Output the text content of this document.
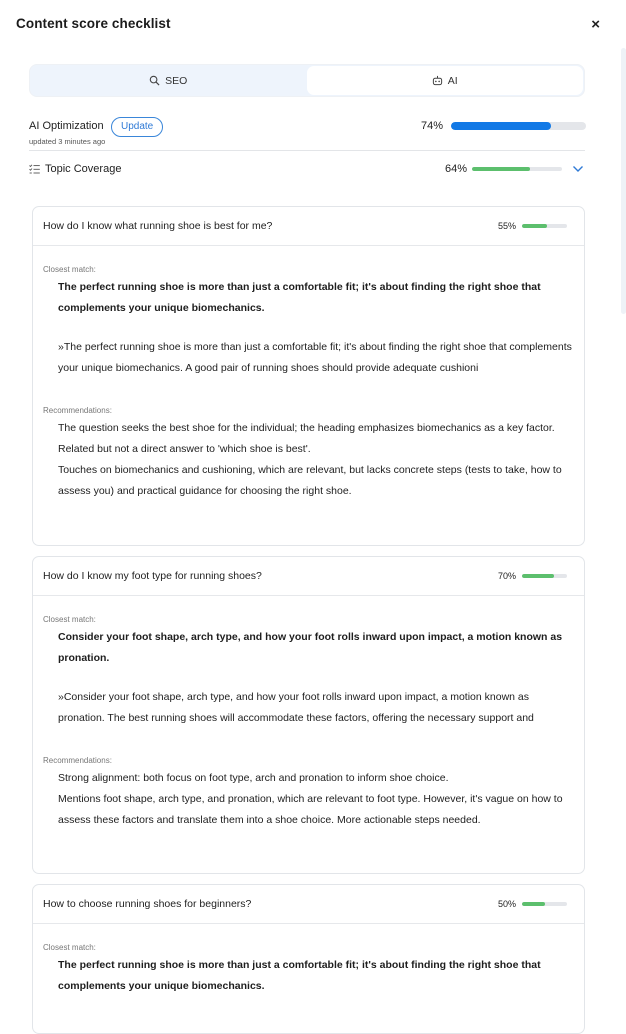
Content score checklist	×
SEO	AI
AI Optimization	Update
updated 3 minutes ago
74%
Topic Coverage	64%
How do I know what running shoe is best for me?	55%
Closest match:
The perfect running shoe is more than just a comfortable fit; it's about finding the right shoe that complements your unique biomechanics.
»The perfect running shoe is more than just a comfortable fit; it's about finding the right shoe that complements your unique biomechanics. A good pair of running shoes should provide adequate cushioni
Recommendations:
The question seeks the best shoe for the individual; the heading emphasizes biomechanics as a key factor. Related but not a direct answer to 'which shoe is best'.
Touches on biomechanics and cushioning, which are relevant, but lacks concrete steps (tests to take, how to assess you) and practical guidance for choosing the right shoe.
How do I know my foot type for running shoes?	70%
Closest match:
Consider your foot shape, arch type, and how your foot rolls inward upon impact, a motion known as pronation.
»Consider your foot shape, arch type, and how your foot rolls inward upon impact, a motion known as pronation. The best running shoes will accommodate these factors, offering the necessary support and
Recommendations:
Strong alignment: both focus on foot type, arch and pronation to inform shoe choice.
Mentions foot shape, arch type, and pronation, which are relevant to foot type. However, it's vague on how to assess these factors and translate them into a shoe choice. More actionable steps needed.
How to choose running shoes for beginners?	50%
Closest match:
The perfect running shoe is more than just a comfortable fit; it's about finding the right shoe that complements your unique biomechanics.
